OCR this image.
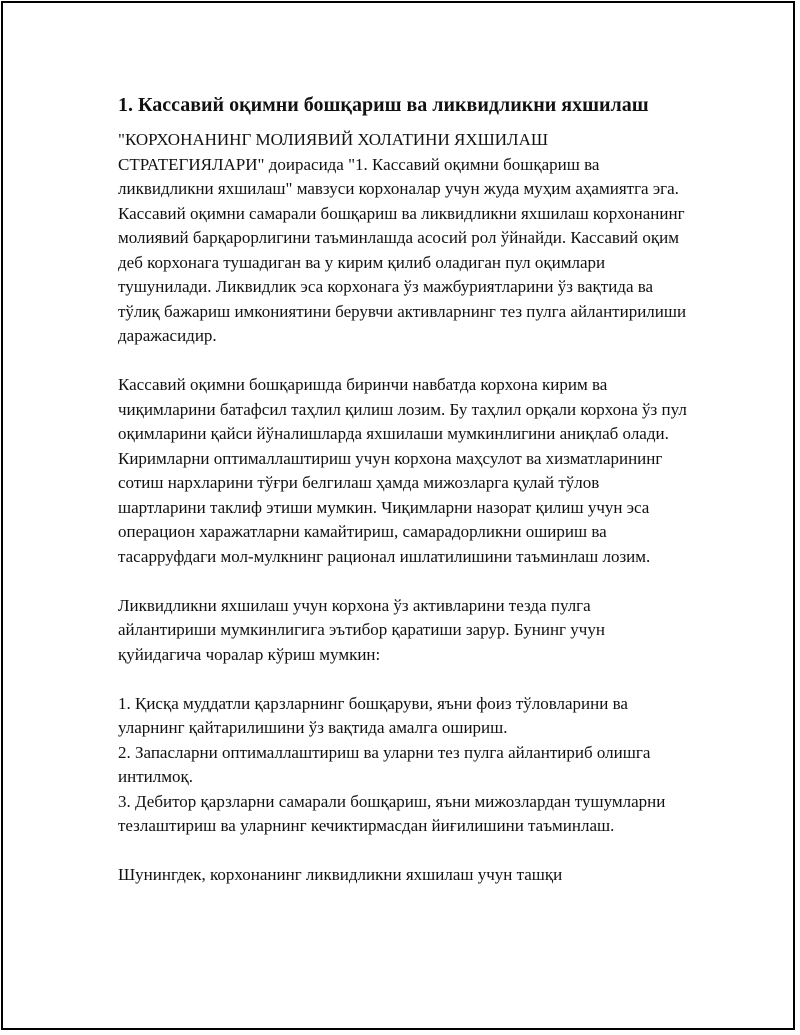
1. Кассавий оқимни бошқариш ва ликвидликни яхшилаш

"КОРХОНАНИНГ МОЛИЯВИЙ ХОЛАТИНИ ЯХШИЛАШ СТРАТЕГИЯЛАРИ" доирасида "1. Кассавий оқимни бошқариш ва ликвидликни яхшилаш" мавзуси корхоналар учун жуда муҳим аҳамиятга эга. Кассавий оқимни самарали бошқариш ва ликвидликни яхшилаш корхонанинг молиявий барқарорлигини таъминлашда асосий рол ўйнайди. Кассавий оқим деб корхонага тушадиган ва у кирим қилиб оладиган пул оқимлари тушунилади. Ликвидлик эса корхонага ўз мажбуриятларини ўз вақтида ва тўлиқ бажариш имкониятини берувчи активларнинг тез пулга айлантирилиши даражасидир.

Кассавий оқимни бошқаришда биринчи навбатда корхона кирим ва чиқимларини батафсил таҳлил қилиш лозим. Бу таҳлил орқали корхона ўз пул оқимларини қайси йўналишларда яхшилаши мумкинлигини аниқлаб олади. Киримларни оптималлаштириш учун корхона маҳсулот ва хизматларининг сотиш нархларини тўғри белгилаш ҳамда мижозларга қулай тўлов шартларини таклиф этиши мумкин. Чиқимларни назорат қилиш учун эса операцион харажатларни камайтириш, самарадорликни ошириш ва тасарруфдаги мол-мулкнинг рационал ишлатилишини таъминлаш лозим.

Ликвидликни яхшилаш учун корхона ўз активларини тезда пулга айлантириши мумкинлигига эътибор қаратиши зарур. Бунинг учун қуйидагича чоралар кўриш мумкин:

1. Қисқа муддатли қарзларнинг бошқаруви, яъни фоиз тўловларини ва уларнинг қайтарилишини ўз вақтида амалга ошириш.
2. Запасларни оптималлаштириш ва уларни тез пулга айлантириб олишга интилмоқ.
3. Дебитор қарзларни самарали бошқариш, яъни мижозлардан тушумларни тезлаштириш ва уларнинг кечиктирмасдан йиғилишини таъминлаш.

Шунингдек, корхонанинг ликвидликни яхшилаш учун ташқи
